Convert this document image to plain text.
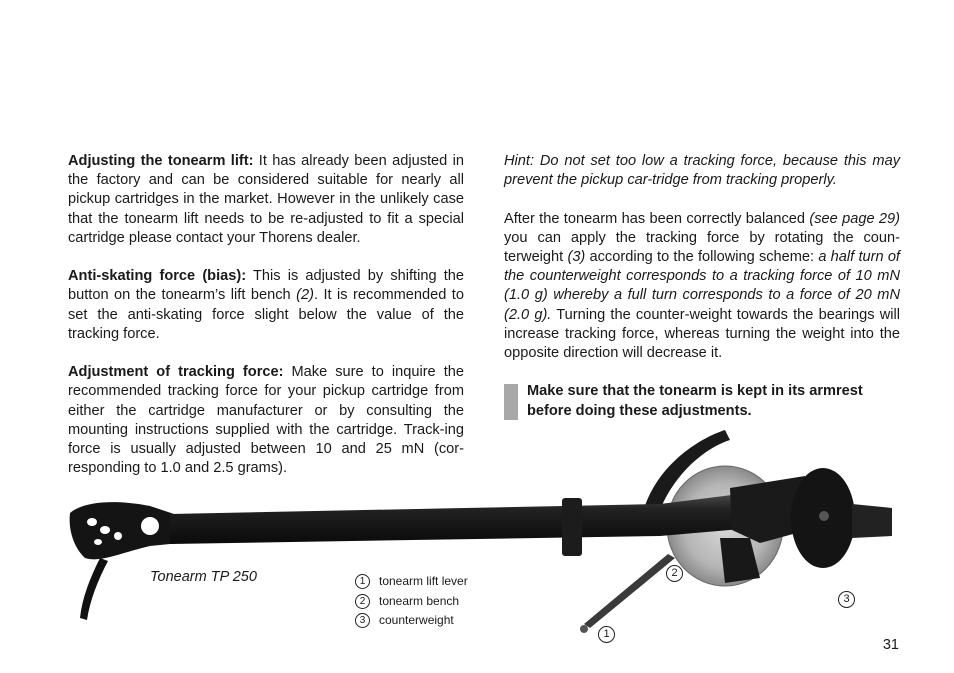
Adjusting the tonearm lift: It has already been adjusted in the factory and can be considered suitable for nearly all pickup cartridges in the market. However in the unlikely case that the tonearm lift needs to be re-adjusted to fit a special cartridge please contact your Thorens dealer.

Anti-skating force (bias): This is adjusted by shifting the button on the tonearm’s lift bench (2). It is recommended to set the anti-skating force slight below the value of the tracking force.

Adjustment of tracking force: Make sure to inquire the recommended tracking force for your pickup cartridge from either the cartridge manufacturer or by consulting the mounting instructions supplied with the cartridge. Track-ing force is usually adjusted between 10 and 25 mN (cor-responding to 1.0 and 2.5 grams).

Hint: Do not set too low a tracking force, because this may prevent the pickup car-tridge from tracking properly.

After the tonearm has been correctly balanced (see page 29) you can apply the tracking force by rotating the coun-terweight (3) according to the following scheme: a half turn of the counterweight corresponds to a tracking force of 10 mN (1.0 g) whereby a full turn corresponds to a force of 20 mN (2.0 g). Turning the counter-weight towards the bearings will increase tracking force, whereas turning the weight into the opposite direction will decrease it.

Make sure that the tonearm is kept in its armrest before doing these adjustments.
2
3
1
Tonearm TP 250	1	tonearm lift lever
2	tonearm bench
3	counterweight
31
